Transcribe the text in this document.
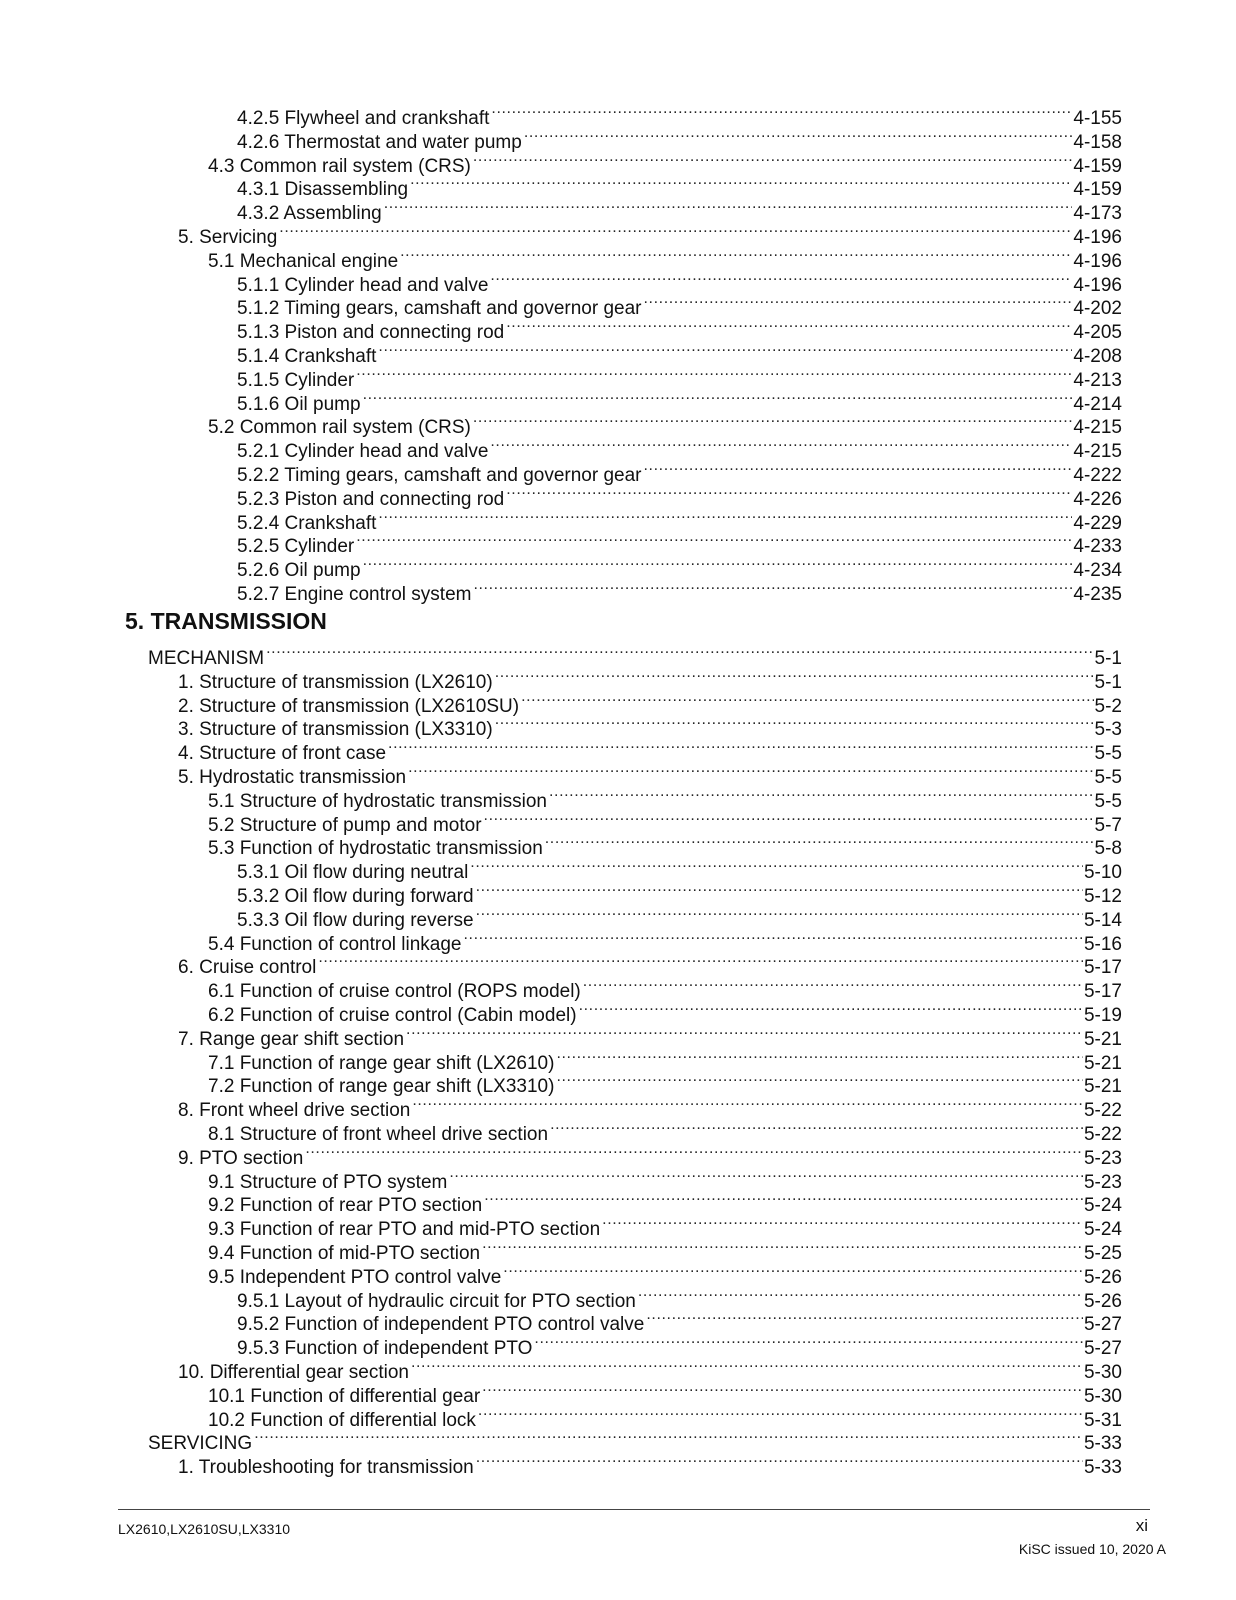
4.2.5 Flywheel and crankshaft .....	4-155
4.2.6 Thermostat and water pump .....	4-158
4.3 Common rail system (CRS) .....	4-159
4.3.1 Disassembling .....	4-159
4.3.2 Assembling .....	4-173
5. Servicing .....	4-196
5.1 Mechanical engine .....	4-196
5.1.1 Cylinder head and valve .....	4-196
5.1.2 Timing gears, camshaft and governor gear .....	4-202
5.1.3 Piston and connecting rod .....	4-205
5.1.4 Crankshaft .....	4-208
5.1.5 Cylinder .....	4-213
5.1.6 Oil pump .....	4-214
5.2 Common rail system (CRS) .....	4-215
5.2.1 Cylinder head and valve .....	4-215
5.2.2 Timing gears, camshaft and governor gear .....	4-222
5.2.3 Piston and connecting rod .....	4-226
5.2.4 Crankshaft .....	4-229
5.2.5 Cylinder .....	4-233
5.2.6 Oil pump .....	4-234
5.2.7 Engine control system .....	4-235
5. TRANSMISSION
MECHANISM .....	5-1
1. Structure of transmission (LX2610) .....	5-1
2. Structure of transmission (LX2610SU) .....	5-2
3. Structure of transmission (LX3310) .....	5-3
4. Structure of front case .....	5-5
5. Hydrostatic transmission .....	5-5
5.1 Structure of hydrostatic transmission .....	5-5
5.2 Structure of pump and motor .....	5-7
5.3 Function of hydrostatic transmission .....	5-8
5.3.1 Oil flow during neutral .....	5-10
5.3.2 Oil flow during forward .....	5-12
5.3.3 Oil flow during reverse .....	5-14
5.4 Function of control linkage .....	5-16
6. Cruise control .....	5-17
6.1 Function of cruise control (ROPS model) .....	5-17
6.2 Function of cruise control (Cabin model) .....	5-19
7. Range gear shift section .....	5-21
7.1 Function of range gear shift (LX2610) .....	5-21
7.2 Function of range gear shift (LX3310) .....	5-21
8. Front wheel drive section .....	5-22
8.1 Structure of front wheel drive section .....	5-22
9. PTO section .....	5-23
9.1 Structure of PTO system .....	5-23
9.2 Function of rear PTO section .....	5-24
9.3 Function of rear PTO and mid-PTO section .....	5-24
9.4 Function of mid-PTO section .....	5-25
9.5 Independent PTO control valve .....	5-26
9.5.1 Layout of hydraulic circuit for PTO section .....	5-26
9.5.2 Function of independent PTO control valve .....	5-27
9.5.3 Function of independent PTO .....	5-27
10. Differential gear section .....	5-30
10.1 Function of differential gear .....	5-30
10.2 Function of differential lock .....	5-31
SERVICING .....	5-33
1. Troubleshooting for transmission .....	5-33
LX2610,LX2610SU,LX3310	xi
KiSC issued 10, 2020 A
